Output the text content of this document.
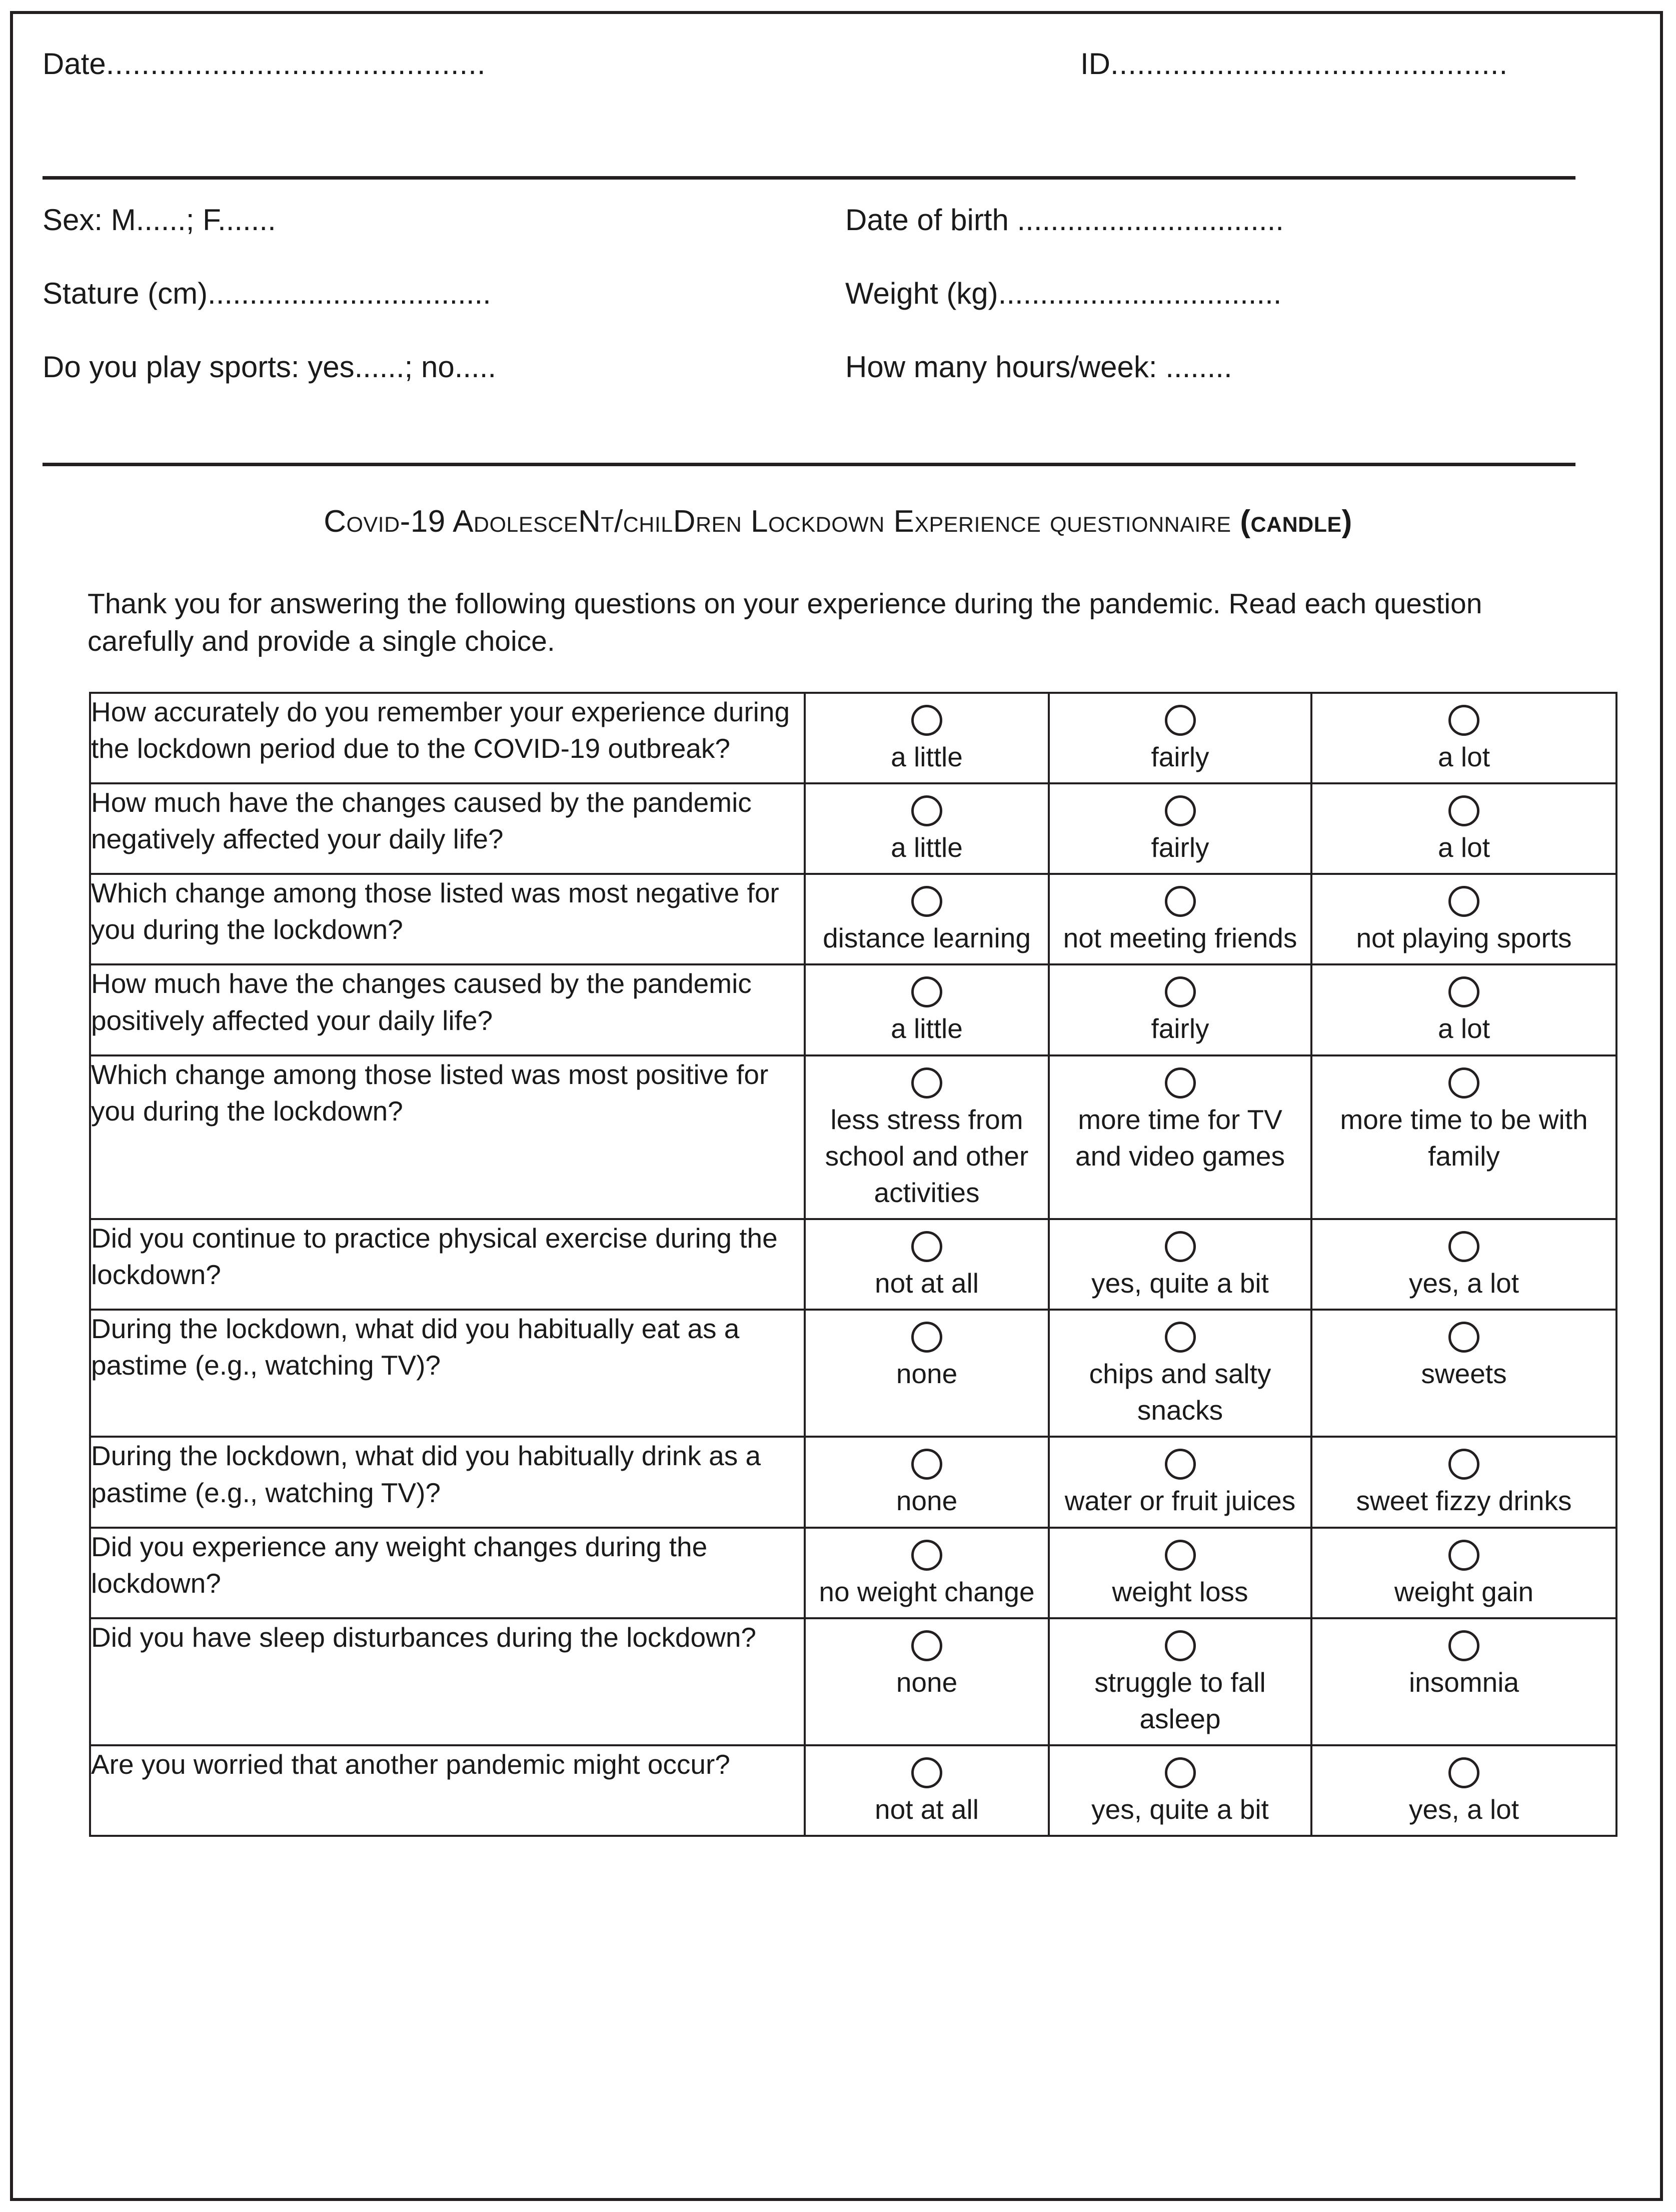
Date...........................................	ID.............................................
Sex: M......; F.......	Date of birth ................................
Stature (cm)..................................	Weight (kg)..................................
Do you play sports: yes......; no.....	How many hours/week: ........
Covid-19 AdolesceNt/chilDren Lockdown Experience questionnaire (candle)
Thank you for answering the following questions on your experience during the pandemic. Read each question carefully and provide a single choice.
How accurately do you remember your experience during the lockdown period due to the COVID-19 outbreak?	a little	fairly	a lot

How much have the changes caused by the pandemic negatively affected your daily life?	a little	fairly	a lot

Which change among those listed was most negative for you during the lockdown?	distance learning	not meeting friends	not playing sports

How much have the changes caused by the pandemic positively affected your daily life?	a little	fairly	a lot

Which change among those listed was most positive for you during the lockdown?	less stress from school and other activities	more time for TV and video games	more time to be with family

Did you continue to practice physical exercise during the lockdown?	not at all	yes, quite a bit	yes, a lot

During the lockdown, what did you habitually eat as a pastime (e.g., watching TV)?	none	chips and salty snacks	sweets

During the lockdown, what did you habitually drink as a pastime (e.g., watching TV)?	none	water or fruit juices	sweet fizzy drinks

Did you experience any weight changes during the lockdown?	no weight change	weight loss	weight gain

Did you have sleep disturbances during the lockdown?	none	struggle to fall asleep	insomnia

Are you worried that another pandemic might occur?	not at all	yes, quite a bit	yes, a lot
